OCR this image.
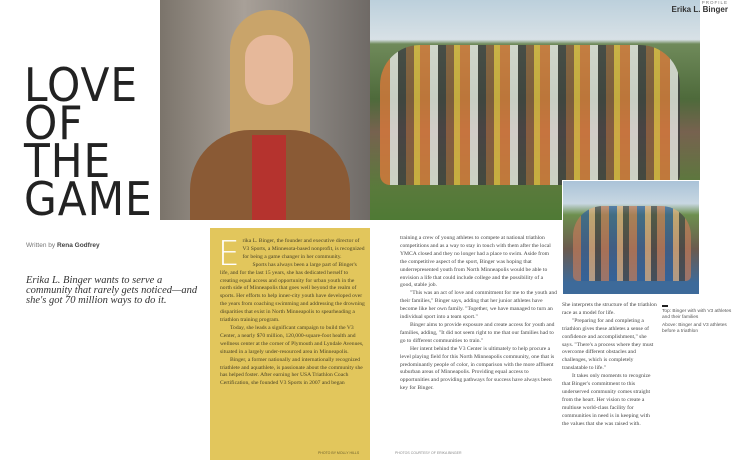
LOVE
OF
THE
GAME
Written by Rena Godfrey
Erika L. Binger wants to serve a community that rarely gets noticed—and she's got 70 million ways to do it.

Erika L. Binger, the founder and executive director of V3 Sports, a Minnesota-based nonprofit, is recognized for being a game changer in her community.

Sports has always been a large part of Binger's life, and for the last 15 years, she has dedicated herself to creating equal access and opportunity for urban youth in the north side of Minneapolis that goes well beyond the realm of sports. Her efforts to help inner-city youth have developed over the years from coaching swimming and addressing the drowning disparities that exist in North Minneapolis to spearheading a triathlon training program.

Today, she leads a significant campaign to build the V3 Center, a nearly $70 million, 120,000-square-foot health and wellness center at the corner of Plymouth and Lyndale Avenues, situated in a largely under-resourced area in Minneapolis.

Binger, a former nationally and internationally recognized triathlete and aquathlete, is passionate about the community she has helped foster. After earning her USA Triathlon Coach Certification, she founded V3 Sports in 2007 and began

PHOTO BY MOLLY HILLS
PROFILE
Erika L. Binger

training a crew of young athletes to compete at national triathlon competitions and as a way to stay in touch with them after the local YMCA closed and they no longer had a place to swim. Aside from the competitive aspect of the sport, Binger was hoping that underrepresented youth from North Minneapolis would be able to envision a life that could include college and the possibility of a good, stable job.

"This was an act of love and commitment for me to the youth and their families," Binger says, adding that her junior athletes have become like her own family. "Together, we have managed to turn an individual sport into a team sport."

Binger aims to provide exposure and create access for youth and families, adding, "It did not seem right to me that our families had to go to different communities to train."

Her intent behind the V3 Center is ultimately to help procure a level playing field for this North Minneapolis community, one that is predominantly people of color, in comparison with the more affluent suburban areas of Minneapolis. Providing equal access to opportunities and providing pathways for success have always been key for Binger.

PHOTOS COURTESY OF ERIKA BINGER

She interprets the structure of the triathlon race as a model for life.

"Preparing for and completing a triathlon gives these athletes a sense of confidence and accomplishment," she says. "There's a process where they must overcome different obstacles and challenges, which is completely translatable to life."

It takes only moments to recognize that Binger's commitment to this underserved community comes straight from the heart. Her vision to create a multiuse world-class facility for communities in need is in keeping with the values that she was raised with.

Top: Binger with with V3 athletes and their families

Above: Binger and V3 athletes before a triathlon
